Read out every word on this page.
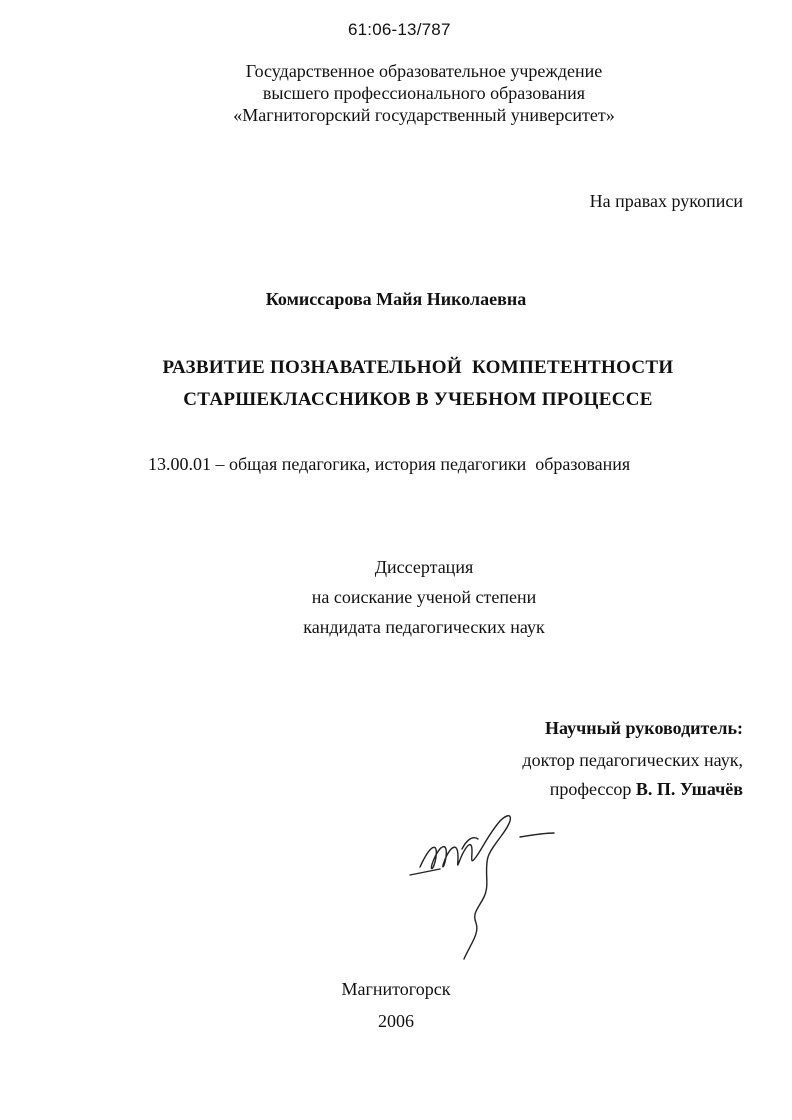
61:06-13/787
Государственное образовательное учреждение
высшего профессионального образования
«Магнитогорский государственный университет»
На правах рукописи
Комиссарова Майя Николаевна
РАЗВИТИЕ ПОЗНАВАТЕЛЬНОЙ  КОМПЕТЕНТНОСТИ
СТАРШЕКЛАССНИКОВ В УЧЕБНОМ ПРОЦЕССЕ
13.00.01 – общая педагогика, история педагогики  образования
Диссертация
на соискание ученой степени
кандидата педагогических наук
Научный руководитель:
доктор педагогических наук,
профессор В. П. Ушачёв
Магнитогорск
2006
